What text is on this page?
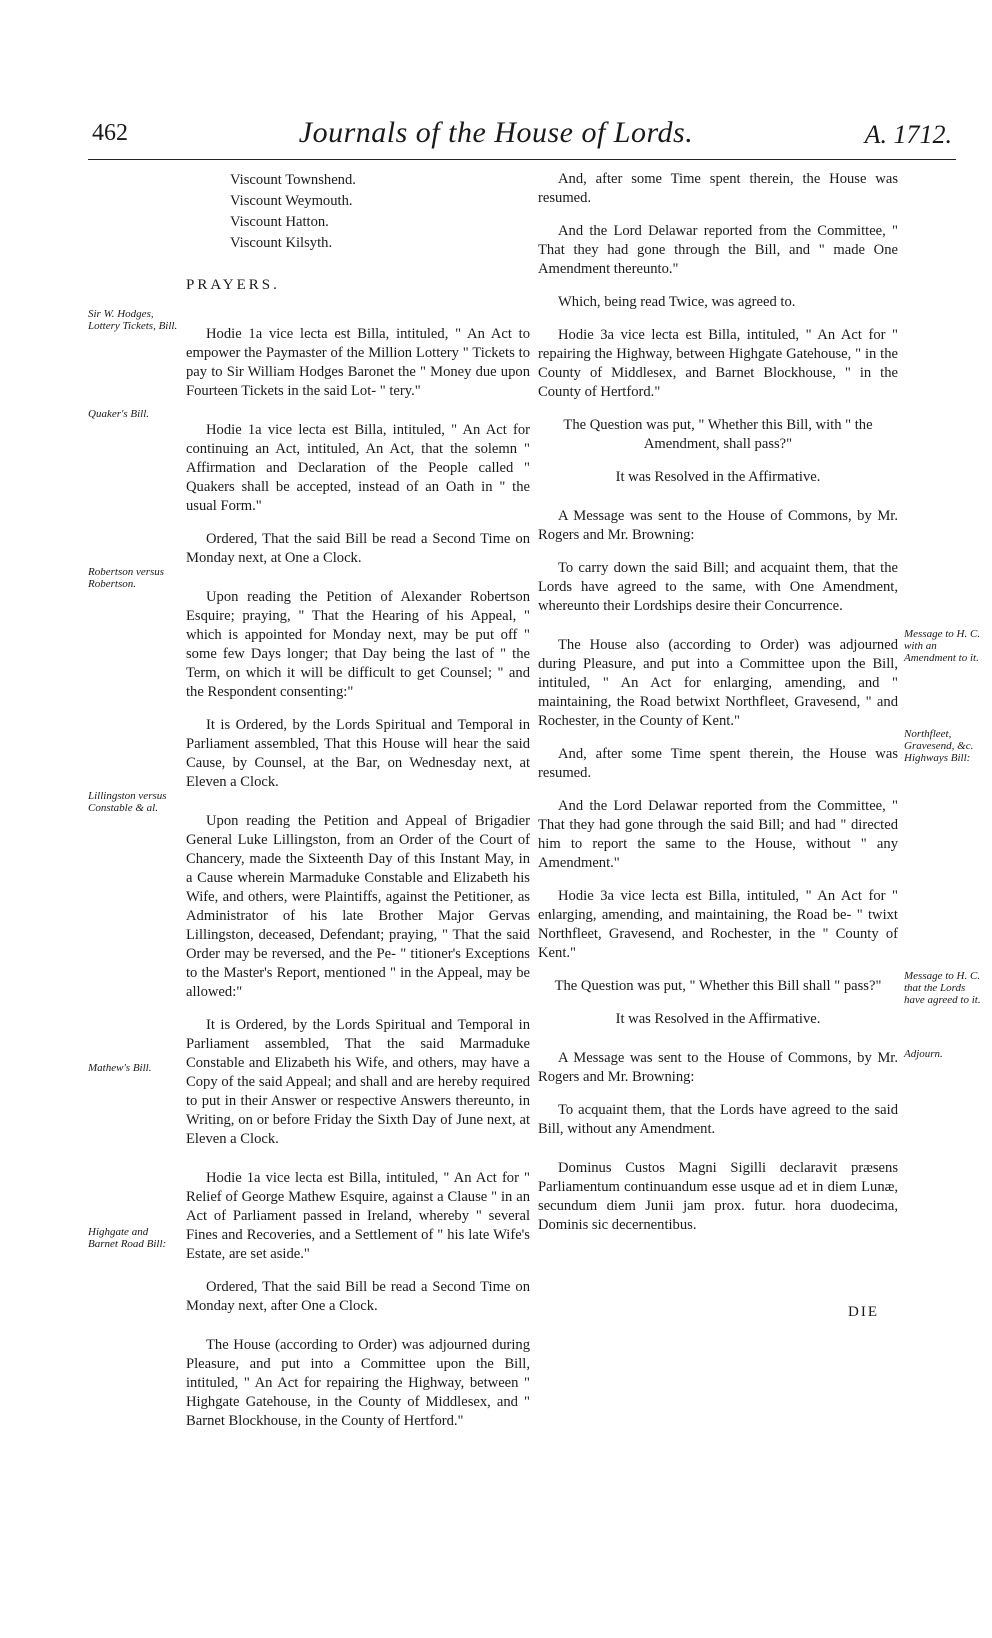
462	Journals of the House of Lords.	A. 1712.
Viscount Townshend.
Viscount Weymouth.
Viscount Hatton.
Viscount Kilsyth.

PRAYERS.

Hodie 1a vice lecta est Billa, intituled, " An Act to empower the Paymaster of the Million Lottery " Tickets to pay to Sir William Hodges Baronet the " Money due upon Fourteen Tickets in the said Lot- " tery."

Hodie 1a vice lecta est Billa, intituled, " An Act for continuing an Act, intituled, An Act, that the solemn " Affirmation and Declaration of the People called " Quakers shall be accepted, instead of an Oath in " the usual Form."

Ordered, That the said Bill be read a Second Time on Monday next, at One a Clock.

Upon reading the Petition of Alexander Robertson Esquire; praying, " That the Hearing of his Appeal, " which is appointed for Monday next, may be put off " some few Days longer; that Day being the last of " the Term, on which it will be difficult to get Counsel; " and the Respondent consenting:"

It is Ordered, by the Lords Spiritual and Temporal in Parliament assembled, That this House will hear the said Cause, by Counsel, at the Bar, on Wednesday next, at Eleven a Clock.

Upon reading the Petition and Appeal of Brigadier General Luke Lillingston, from an Order of the Court of Chancery, made the Sixteenth Day of this Instant May, in a Cause wherein Marmaduke Constable and Elizabeth his Wife, and others, were Plaintiffs, against the Petitioner, as Administrator of his late Brother Major Gervas Lillingston, deceased, Defendant; praying, " That the said Order may be reversed, and the Pe- " titioner's Exceptions to the Master's Report, mentioned " in the Appeal, may be allowed:"

It is Ordered, by the Lords Spiritual and Temporal in Parliament assembled, That the said Marmaduke Constable and Elizabeth his Wife, and others, may have a Copy of the said Appeal; and shall and are hereby required to put in their Answer or respective Answers thereunto, in Writing, on or before Friday the Sixth Day of June next, at Eleven a Clock.

Hodie 1a vice lecta est Billa, intituled, " An Act for " Relief of George Mathew Esquire, against a Clause " in an Act of Parliament passed in Ireland, whereby " several Fines and Recoveries, and a Settlement of " his late Wife's Estate, are set aside."

Ordered, That the said Bill be read a Second Time on Monday next, after One a Clock.

The House (according to Order) was adjourned during Pleasure, and put into a Committee upon the Bill, intituled, " An Act for repairing the Highway, between " Highgate Gatehouse, in the County of Middlesex, and " Barnet Blockhouse, in the County of Hertford."

And, after some Time spent therein, the House was resumed.

And the Lord Delawar reported from the Committee, " That they had gone through the Bill, and " made One Amendment thereunto."

Which, being read Twice, was agreed to.

Hodie 3a vice lecta est Billa, intituled, " An Act for " repairing the Highway, between Highgate Gatehouse, " in the County of Middlesex, and Barnet Blockhouse, " in the County of Hertford."

The Question was put, " Whether this Bill, with " the Amendment, shall pass?"

It was Resolved in the Affirmative.

A Message was sent to the House of Commons, by Mr. Rogers and Mr. Browning:

To carry down the said Bill; and acquaint them, that the Lords have agreed to the same, with One Amendment, whereunto their Lordships desire their Concurrence.

The House also (according to Order) was adjourned during Pleasure, and put into a Committee upon the Bill, intituled, " An Act for enlarging, amending, and " maintaining, the Road betwixt Northfleet, Gravesend, " and Rochester, in the County of Kent."

And, after some Time spent therein, the House was resumed.

And the Lord Delawar reported from the Committee, " That they had gone through the said Bill; and had " directed him to report the same to the House, without " any Amendment."

Hodie 3a vice lecta est Billa, intituled, " An Act for " enlarging, amending, and maintaining, the Road be- " twixt Northfleet, Gravesend, and Rochester, in the " County of Kent."

The Question was put, " Whether this Bill shall " pass?"

It was Resolved in the Affirmative.

A Message was sent to the House of Commons, by Mr. Rogers and Mr. Browning:

To acquaint them, that the Lords have agreed to the said Bill, without any Amendment.

Dominus Custos Magni Sigilli declaravit præsens Parliamentum continuandum esse usque ad et in diem Lunæ, secundum diem Junii jam prox. futur. hora duodecima, Dominis sic decernentibus.

Sir W. Hodges, Lottery Tickets, Bill.
Quaker's Bill.
Robertson versus Robertson.
Lillingston versus Constable & al.
Mathew's Bill.
Highgate and Barnet Road Bill:
Message to H. C. with an Amendment to it.
Northfleet, Gravesend, &c. Highways Bill:
Message to H. C. that the Lords have agreed to it.
Adjourn.
DIE
